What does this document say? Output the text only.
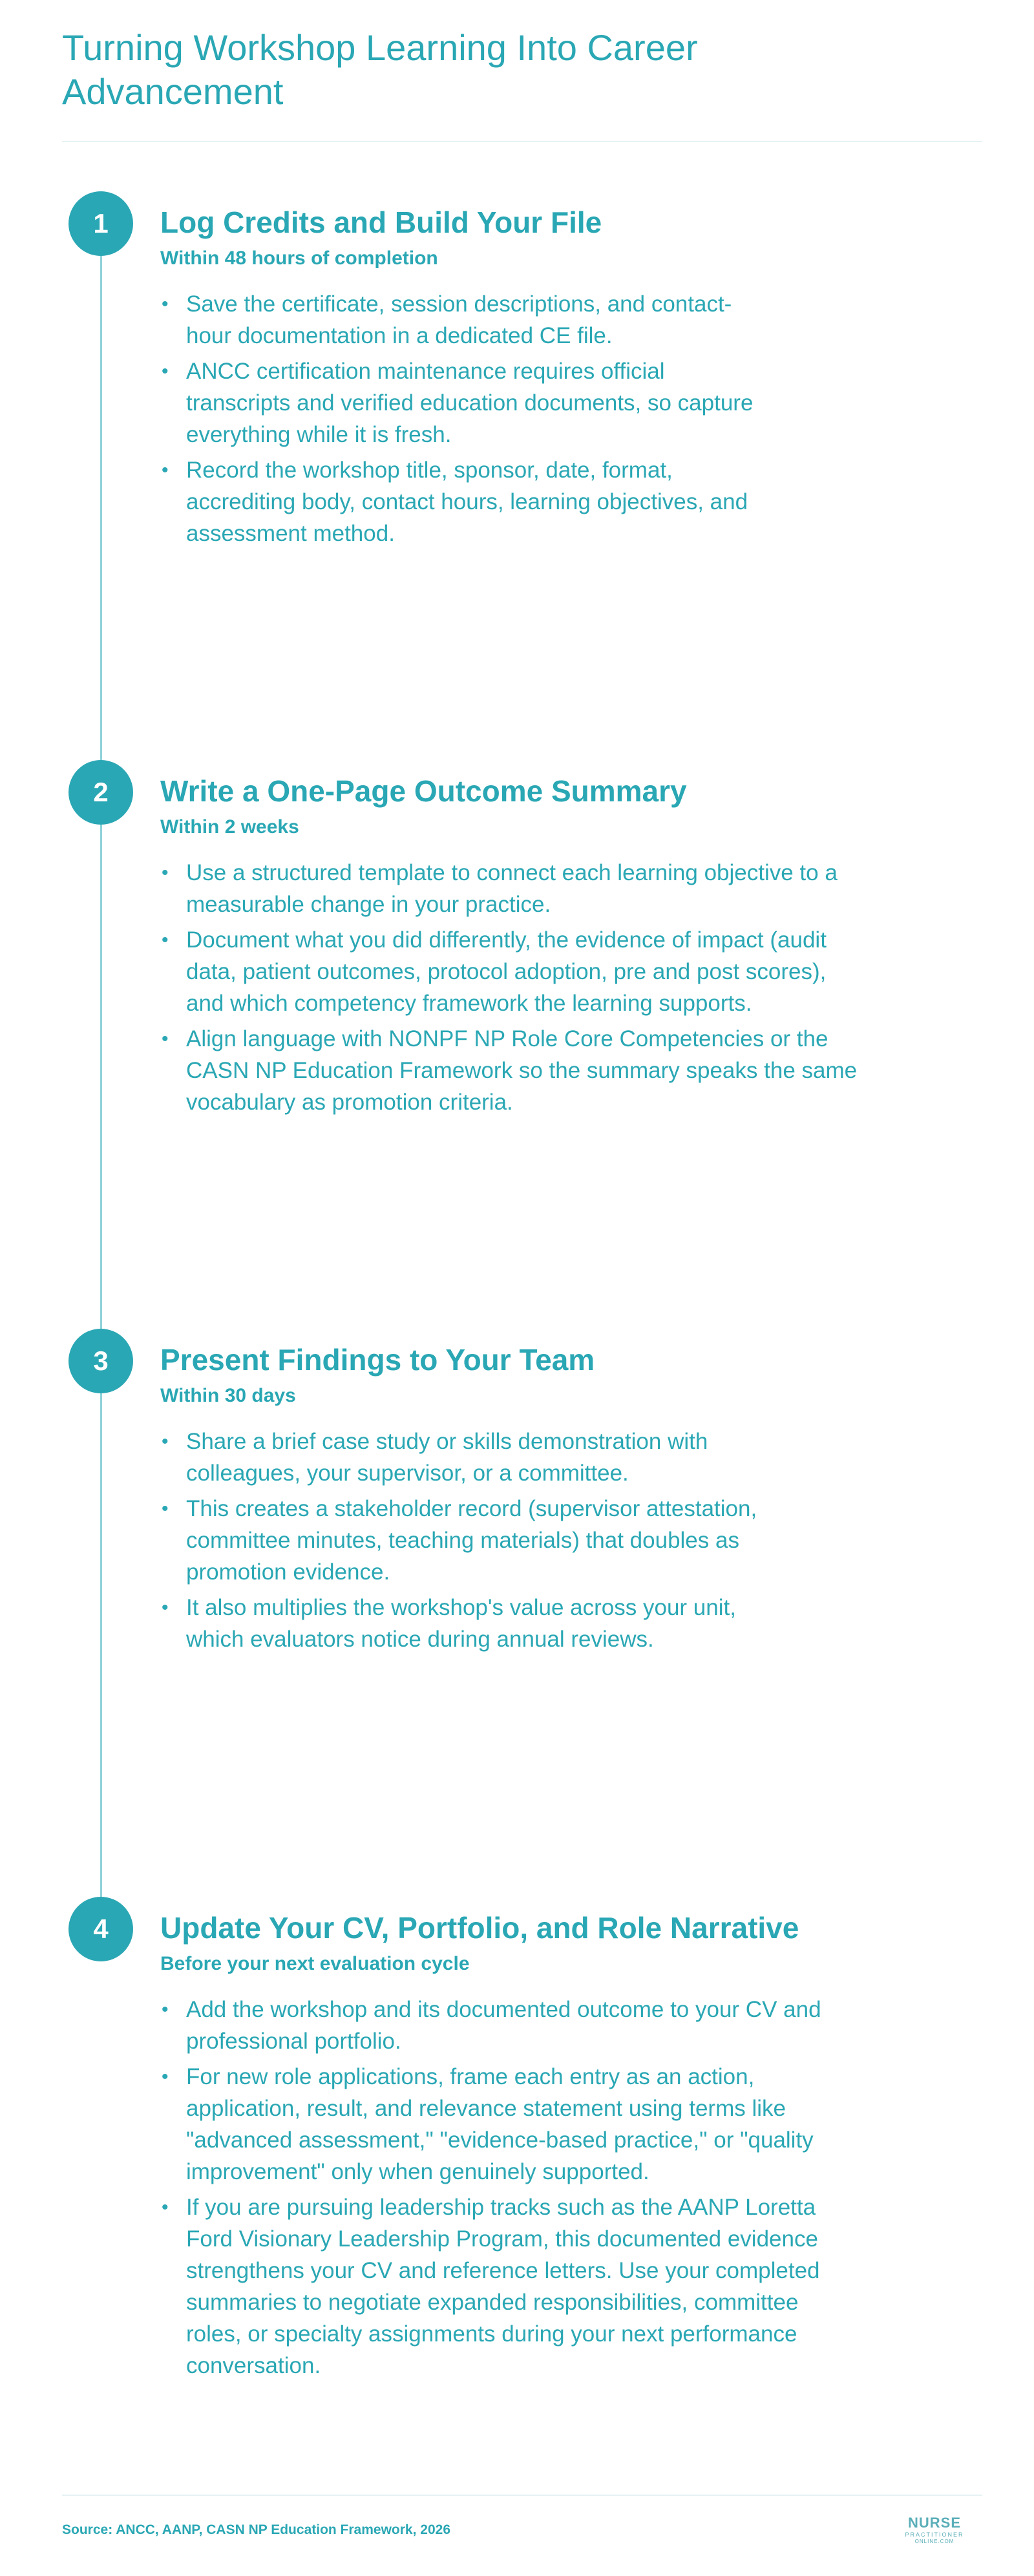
Turning Workshop Learning Into Career Advancement
1	Log Credits and Build Your File
Within 48 hours of completion
• Save the certificate, session descriptions, and contact-hour documentation in a dedicated CE file.
• ANCC certification maintenance requires official transcripts and verified education documents, so capture everything while it is fresh.
• Record the workshop title, sponsor, date, format, accrediting body, contact hours, learning objectives, and assessment method.
2	Write a One-Page Outcome Summary
Within 2 weeks
• Use a structured template to connect each learning objective to a measurable change in your practice.
• Document what you did differently, the evidence of impact (audit data, patient outcomes, protocol adoption, pre and post scores), and which competency framework the learning supports.
• Align language with NONPF NP Role Core Competencies or the CASN NP Education Framework so the summary speaks the same vocabulary as promotion criteria.
3	Present Findings to Your Team
Within 30 days
• Share a brief case study or skills demonstration with colleagues, your supervisor, or a committee.
• This creates a stakeholder record (supervisor attestation, committee minutes, teaching materials) that doubles as promotion evidence.
• It also multiplies the workshop's value across your unit, which evaluators notice during annual reviews.
4	Update Your CV, Portfolio, and Role Narrative
Before your next evaluation cycle
• Add the workshop and its documented outcome to your CV and professional portfolio.
• For new role applications, frame each entry as an action, application, result, and relevance statement using terms like "advanced assessment," "evidence-based practice," or "quality improvement" only when genuinely supported.
• If you are pursuing leadership tracks such as the AANP Loretta Ford Visionary Leadership Program, this documented evidence strengthens your CV and reference letters. Use your completed summaries to negotiate expanded responsibilities, committee roles, or specialty assignments during your next performance conversation.
Source: ANCC, AANP, CASN NP Education Framework, 2026	NURSE
PRACTITIONER
ONLINE.COM
